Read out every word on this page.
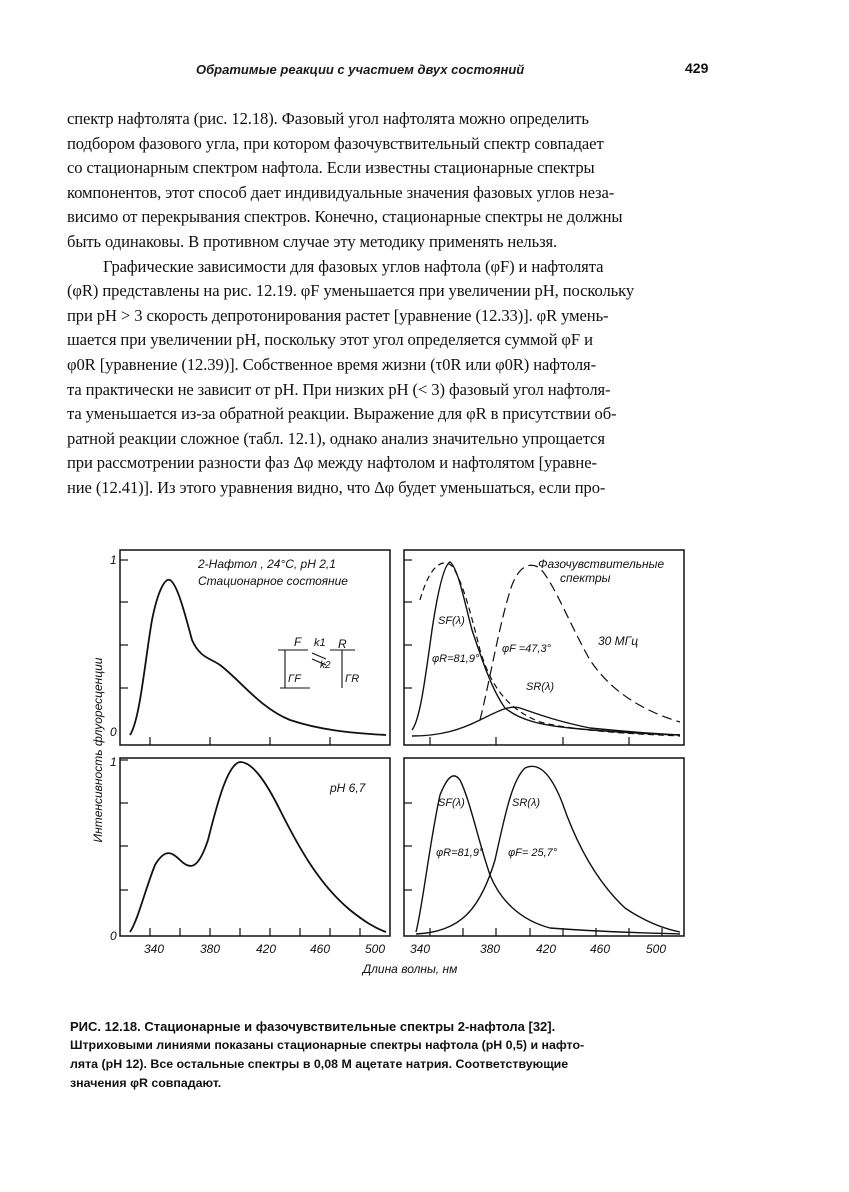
Обратимые реакции с участием двух состояний	429
спектр нафтолята (рис. 12.18). Фазовый угол нафтолята можно определить
подбором фазового угла, при котором фазочувствительный спектр совпадает
со стационарным спектром нафтола. Если известны стационарные спектры
компонентов, этот способ дает индивидуальные значения фазовых углов неза-
висимо от перекрывания спектров. Конечно, стационарные спектры не должны
быть одинаковы. В противном случае эту методику применять нельзя.
Графические зависимости для фазовых углов нафтола (φF) и нафтолята
(φR) представлены на рис. 12.19. φF уменьшается при увеличении pH, поскольку
при pH > 3 скорость депротонирования растет [уравнение (12.33)]. φR умень-
шается при увеличении pH, поскольку этот угол определяется суммой φF и
φ0R [уравнение (12.39)]. Собственное время жизни (τ0R или φ0R) нафтоля-
та практически не зависит от pH. При низких pH (< 3) фазовый угол нафтоля-
та уменьшается из-за обратной реакции. Выражение для φR в присутствии об-
ратной реакции сложное (табл. 12.1), однако анализ значительно упрощается
при рассмотрении разности фаз Δφ между нафтолом и нафтолятом [уравне-
ние (12.41)]. Из этого уравнения видно, что Δφ будет уменьшаться, если про-
Интенсивность флуоресценции
1
0
1
0
340	380	420	460	500 340	380	420	460	500
Длина волны, нм
2-Нафтол , 24°С, pH 2,1
Стационарное состояние
F k1
k2
R
ΓF	ΓR
Фазочувствительные
спектры
30 МГц
SF(λ)
φR=81,9°
φF =47,3°
SR(λ)
pH 6,7
SF(λ)	SR(λ)
φR=81,9° φF= 25,7°
РИС. 12.18. Стационарные и фазочувствительные спектры 2-нафтола [32].
Штриховыми линиями показаны стационарные спектры нафтола (pH 0,5) и нафто-
лята (pH 12). Все остальные спектры в 0,08 М ацетате натрия. Соответствующие
значения φR совпадают.
